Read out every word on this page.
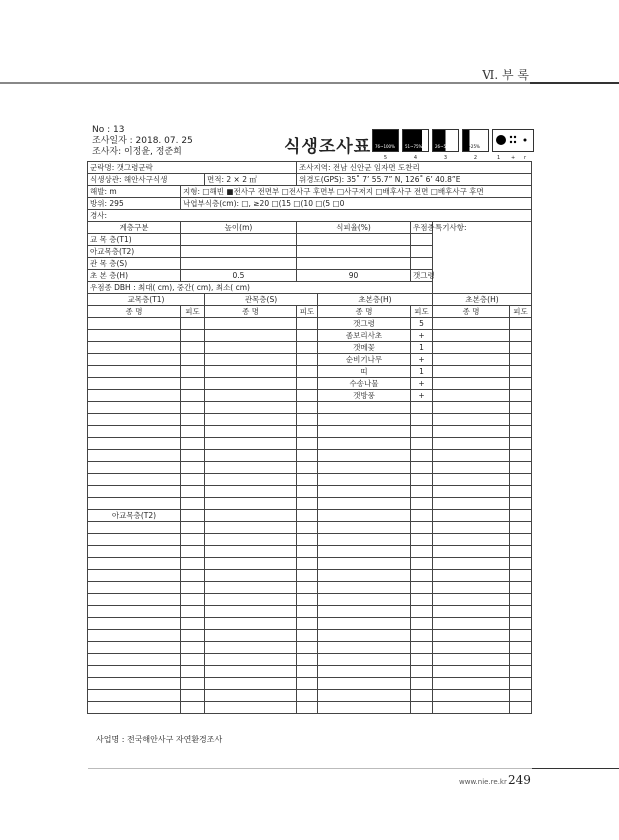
Ⅵ. 부 록
No : 13
조사일자 : 2018. 07. 25
조사자: 이정윤, 정준희	식생조사표 76~100%
5
51~75%
4
26~50%
3
6~25%
2	1 + r
군락명: 갯그령군락			조사지역: 전남 신안군 임자면 도찬리				
식생상관: 해안사구식생		면적: 2 × 2 ㎡	위경도(GPS): 35˚ 7’ 55.7” N, 126˚ 6’ 40.8”E				
해발: m	지형: □해빈 ■전사구 전면부 □전사구 후면부 □사구저지 □배후사구 전면 □배후사구 후면						
방위: 295	낙엽부식층(cm): □, ≥20 □(15 □(10 □(5 □0						
경사:							
계층구분	높이(m)		식피율(%)		우점종	특기사항:	
교 목 층(T1)							
아교목층(T2)							
관 목 층(S)							
초 본 층(H)	0.5		90		갯그령		
우점종 DBH : 최대( cm), 중간( cm), 최소( cm)							
교목층(T1)		관목층(S)		초본층(H)		초본층(H)	
종 명	피도	종 명	피도	종 명	피도	종 명	피도
				갯그령	5		
				좀보리사초	+		
				갯메꽃	1		
				순비기나무	+		
				띠	1		
				수송나물	+		
				갯방풍	+		

아교목층(T2)							

사업명 : 전국해안사구 자연환경조사
www.nie.re.kr 249
